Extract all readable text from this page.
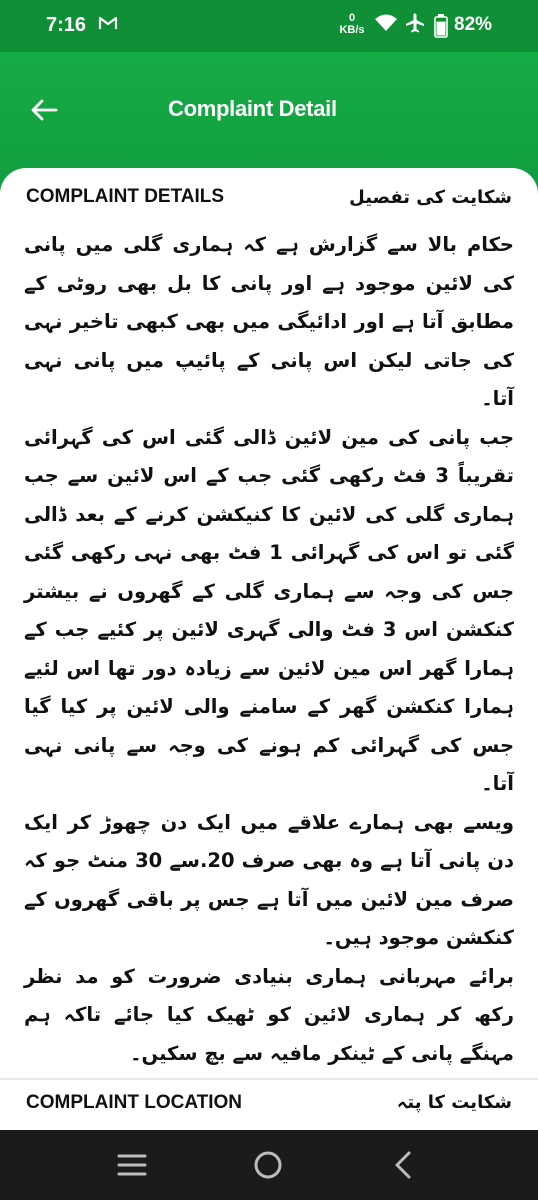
7:16	0
KB/s	82%
Complaint Detail
COMPLAINT DETAILS	شکایت کی تفصیل

حکام بالا سے گزارش ہے کہ ہماری گلی میں پانی کی لائین موجود ہے اور پانی کا بل بھی روٹی کے مطابق آتا ہے اور ادائیگی میں بھی کبھی تاخیر نہی کی جاتی لیکن اس پانی کے پائیپ میں پانی نہی آتا۔

جب پانی کی مین لائین ڈالی گئی اس کی گہرائی تقریباً 3 فٹ رکھی گئی جب کے اس لائین سے جب ہماری گلی کی لائین کا کنیکشن کرنے کے بعد ڈالی گئی تو اس کی گہرائی 1 فٹ بھی نہی رکھی گئی جس کی وجہ سے ہماری گلی کے گھروں نے بیشتر کنکشن اس 3 فٹ والی گہری لائین پر کئیے جب کے ہمارا گھر اس مین لائین سے زیادہ دور تھا اس لئیے ہمارا کنکشن گھر کے سامنے والی لائین پر کیا گیا جس کی گہرائی کم ہونے کی وجہ سے پانی نہی آتا۔

ویسے بھی ہمارے علاقے میں ایک دن چھوڑ کر ایک دن پانی آتا ہے وہ بھی صرف 20.سے 30 منٹ جو کہ صرف مین لائین میں آتا ہے جس پر باقی گھروں کے کنکشن موجود ہیں۔

برائے مہربانی ہماری بنیادی ضرورت کو مد نظر رکھ کر ہماری لائین کو ٹھیک کیا جائے تاکہ ہم مہنگے پانی کے ٹینکر مافیہ سے بچ سکیں۔

COMPLAINT LOCATION	شکایت کا پتہ
